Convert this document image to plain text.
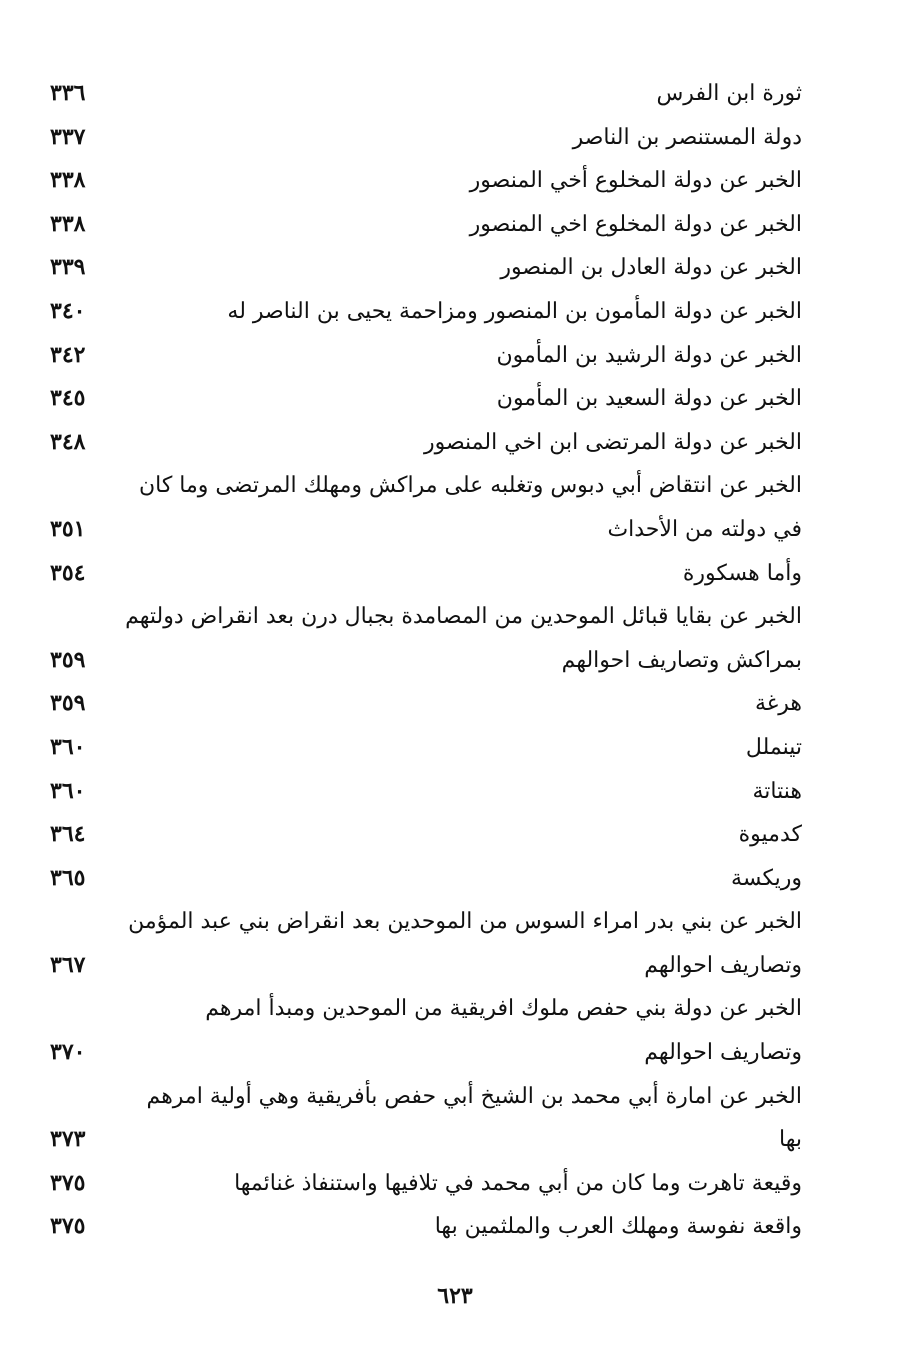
ثورة ابن الفرس
٣٣٦
دولة المستنصر بن الناصر
٣٣٧
الخبر عن دولة المخلوع أخي المنصور
٣٣٨
الخبر عن دولة المخلوع اخي المنصور
٣٣٨
الخبر عن دولة العادل بن المنصور
٣٣٩
الخبر عن دولة المأمون بن المنصور ومزاحمة يحيى بن الناصر له
٣٤٠
الخبر عن دولة الرشيد بن المأمون
٣٤٢
الخبر عن دولة السعيد بن المأمون
٣٤٥
الخبر عن دولة المرتضى ابن اخي المنصور
٣٤٨
الخبر عن انتقاض أبي دبوس وتغلبه على مراكش ومهلك المرتضى وما كان
في دولته من الأحداث
٣٥١
وأما هسكورة
٣٥٤
الخبر عن بقايا قبائل الموحدين من المصامدة بجبال درن بعد انقراض دولتهم
بمراكش وتصاريف احوالهم
٣٥٩
هرغة
٣٥٩
تينملل
٣٦٠
هنتاتة
٣٦٠
كدميوة
٣٦٤
وريكسة
٣٦٥
الخبر عن بني بدر امراء السوس من الموحدين بعد انقراض بني عبد المؤمن
وتصاريف احوالهم
٣٦٧
الخبر عن دولة بني حفص ملوك افريقية من الموحدين ومبدأ امرهم
وتصاريف احوالهم
٣٧٠
الخبر عن امارة أبي محمد بن الشيخ أبي حفص بأفريقية وهي أولية امرهم
بها
٣٧٣
وقيعة تاهرت وما كان من أبي محمد في تلافيها واستنفاذ غنائمها
٣٧٥
واقعة نفوسة ومهلك العرب والملثمين بها
٣٧٥
٦٢٣
